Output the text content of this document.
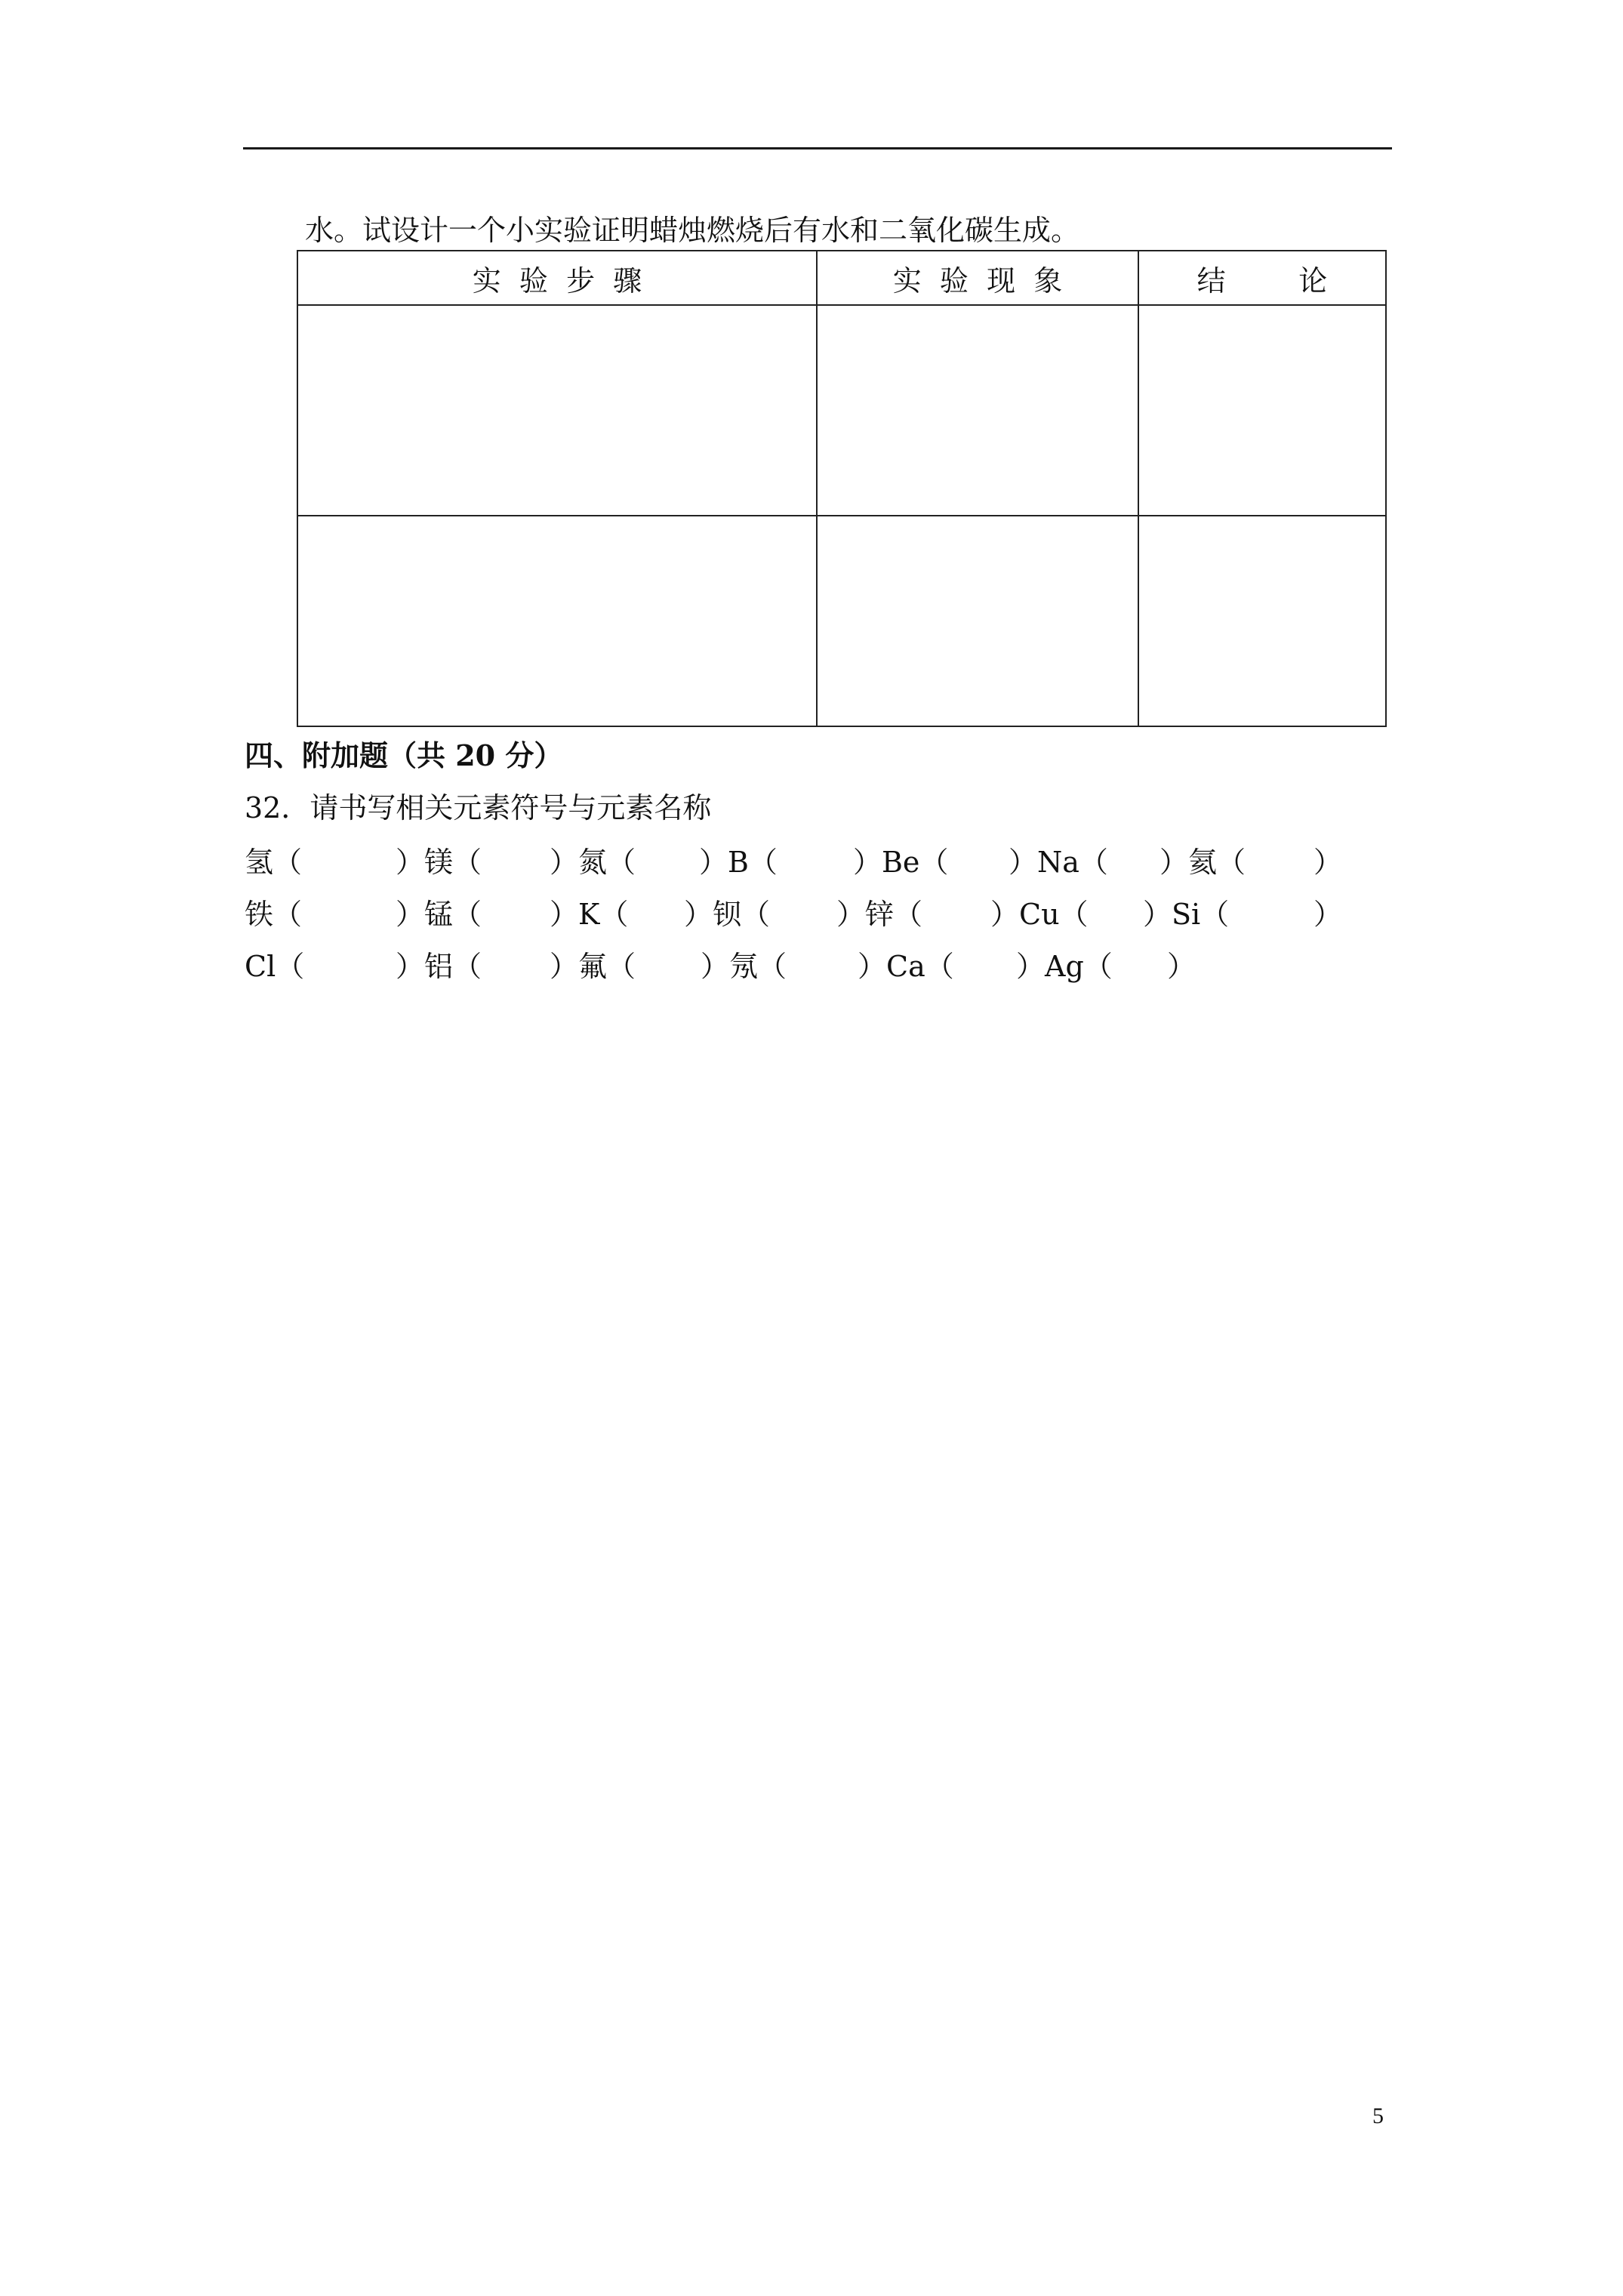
水。试设计一个小实验证明蜡烛燃烧后有水和二氧化碳生成。
实  验  步  骤	实  验  现  象	结        论

四、附加题（共 20 分）
32．请书写相关元素符号与元素名称
氢（	）镁（ ）氮（ ）B（	）Be（ ）Na（ ）氦（ ）
铁（	）锰（ ）K（ ）钡（ ）锌（ ）Cu（ ）Si（	）
Cl（	）铝（ ）氟（ ）氖（ ）Ca（ ）Ag（ ）
5
